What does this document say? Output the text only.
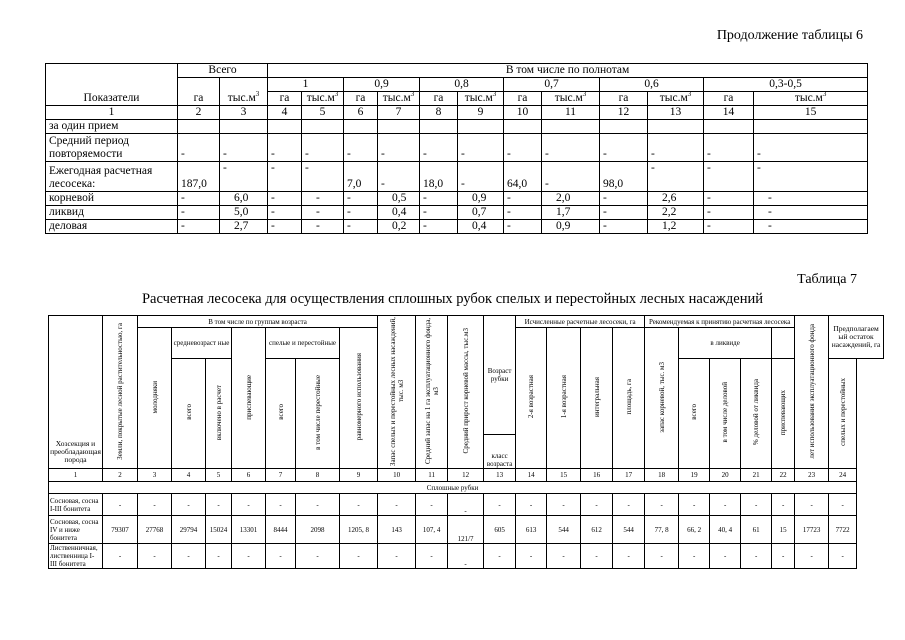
Продолжение таблицы 6
Показатели	Всего		В том числе по полнотам											
	га	$тыс.м^3$	1		0,9		0,8		0,7		0,6		0,3-0,5	
			га	$тыс.м^3$	га	$тыс.м^3$	га	$тыс.м^3$	га	$тыс.м^3$	га	$тыс.м^3$	га	$тыс.м^3$
1	2	3	4	5	6	7	8	9	10	11	12	13	14	15
за один прием														
Средний период повторяемости	-	-	-	-	-	-	-	-	-	-	-	-	-	-
Ежегодная расчетная лесосека:	187,0	-	-	-	7,0	-	18,0	-	64,0	-	98,0	-	-	-
корневой	-	6,0	-	-	-	0,5	-	0,9	-	2,0	-	2,6	-	-
ликвид	-	5,0	-	-	-	0,4	-	0,7	-	1,7	-	2,2	-	-
деловая	-	2,7	-	-	-	0,2	-	0,4	-	0,9	-	1,2	-	-
Таблица 7
Расчетная лесосека для осуществления сплошных рубок спелых и перестойных лесных насаждений
Хозсекция и преобладающая порода	Земли, покрытые лесной растительностью, га	В том числе по группам возраста							Запас спелых и перестойных лесных насаждений, тыс. м3	Средний запас на 1 га эксплуатационного фонда, м3	Средний прирост корневой массы, тыс.м3	Возраст рубки	Исчисленные расчетные лесосеки, га				Рекомендуемая к принятию расчетная лесосека					лет использования эксплуатационного фонда	Предполагаем ый остаток насаждений, га
		молодняки	средневозраст ные		приспевающие	спелые и перестойные		равномерного использования					2-я возрастная	1-я возрастная	интегральная	площадь, га	запас корневой, тыс. м3	в ликвиде					
			всего	включено в расчет		всего	в том числе перестойные											всего	в том числе деловой	% деловой от ликвида	приспевающих		спелых и перестойных
												класс возраста											
1	2	3	4	5	6	7	8	9	10	11	12	13	14	15	16	17	18	19	20	21	22	23	24
Сплошные рубки																							
Сосновая, сосна I-III бонитета	-	-	-	-	-	-	-	-	-	-	-	-	-	-	-	-	-	-	-	-	-	-	-
Сосновая, сосна IV и ниже бонитета	79307	27768	29794	15024	13301	8444	2098	1205, 8	143	107, 4	121/7	605	613	544	612	544	77, 8	66, 2	40, 4	61	15	17723	7722
Лиственничная, лиственница I-III бонитета	-	-	-	-	-	-	-	-	-	-	-	-	-	-	-	-	-	-	-	-	-	-	-
